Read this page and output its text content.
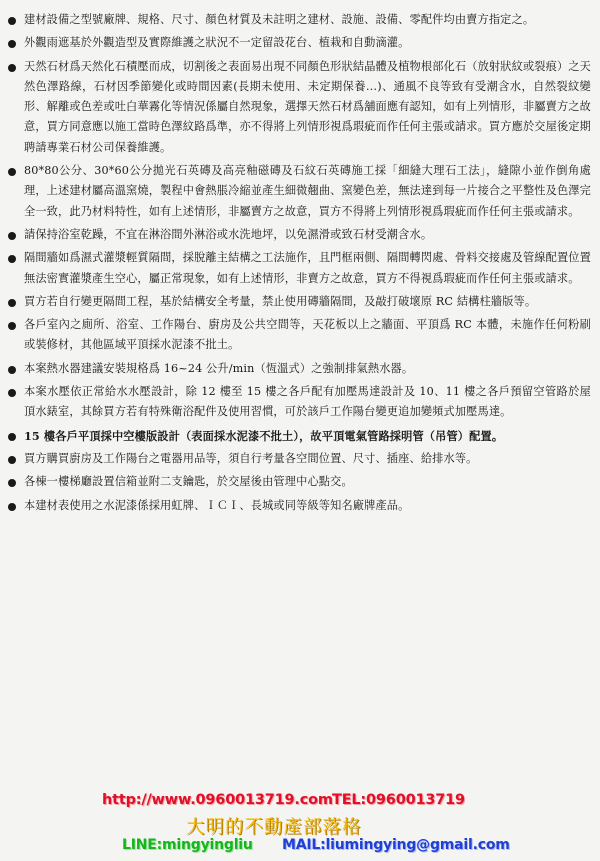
建材設備之型號廠牌、規格、尺寸、顏色材質及未註明之建材、設施、設備、零配件均由賣方指定之。
外觀雨遮基於外觀造型及實際維護之狀況不一定留設花台、植栽和自動滴灌。
天然石材爲天然化石積壓而成，切割後之表面易出現不同顏色形狀結晶體及植物根部化石（放射狀紋或裂痕）之天然色澤路線，石材因季節變化或時間因素(長期未使用、未定期保養…)、通風不良等致有受潮含水，自然裂紋變形、解離或色差或吐白華霧化等情況係屬自然現象，選擇天然石材爲舖面應有認知，如有上列情形，非屬賣方之故意，買方同意應以施工當時色澤紋路爲準，亦不得將上列情形視爲瑕疵而作任何主張或請求。買方應於交屋後定期聘請專業石材公司保養維護。
80*80公分、30*60公分拋光石英磚及高亮釉磁磚及石紋石英磚施工採「細縫大理石工法」，縫隙小並作倒角處理，上述建材屬高溫窯燒，製程中會熱脹冷縮並產生細微翹曲、窯變色差，無法達到每一片接合之平整性及色澤完全一致，此乃材料特性，如有上述情形，非屬賣方之故意，買方不得將上列情形視爲瑕疵而作任何主張或請求。
請保持浴室乾躁，不宜在淋浴間外淋浴或水洗地坪，以免濕滑或致石材受潮含水。
隔間牆如爲濕式灌漿輕質隔間，採脫離主結構之工法施作，且門框兩側、隔間轉閃處、骨料交接處及管線配置位置無法密實灌漿產生空心，屬正常現象，如有上述情形，非賣方之故意，買方不得視爲瑕疵而作任何主張或請求。
買方若自行變更隔間工程，基於結構安全考量，禁止使用磚牆隔間，及敲打破壞原 RC 結構柱牆版等。
各戶室內之廁所、浴室、工作陽台、廚房及公共空間等，天花板以上之牆面、平頂爲 RC 本體，未施作任何粉刷或裝修材，其他區域平頂採水泥漆不批土。
本案熱水器建議安裝規格爲 16~24 公升/min（恆溫式）之強制排氣熱水器。
本案水壓依正常給水水壓設計，除 12 樓至 15 樓之各戶配有加壓馬達設計及 10、11 樓之各戶預留空管路於屋頂水錶室，其餘買方若有特殊衛浴配件及使用習慣，可於該戶工作陽台變更追加變頻式加壓馬達。
15 樓各戶平頂採中空樓版設計（表面採水泥漆不批土），故平頂電氣管路採明管（吊管）配置。
買方購買廚房及工作陽台之電器用品等，須自行考量各空間位置、尺寸、插座、給排水等。
各棟一樓梯廳設置信箱並附二支鑰匙，於交屋後由管理中心點交。
本建材表使用之水泥漆係採用虹牌、ＩＣＩ、長城或同等級等知名廠牌產品。
http://www.0960013719.com TEL:0960013719
大明的不動產部落格
LINE:mingyingliu MAIL:liumingying@gmail.com
